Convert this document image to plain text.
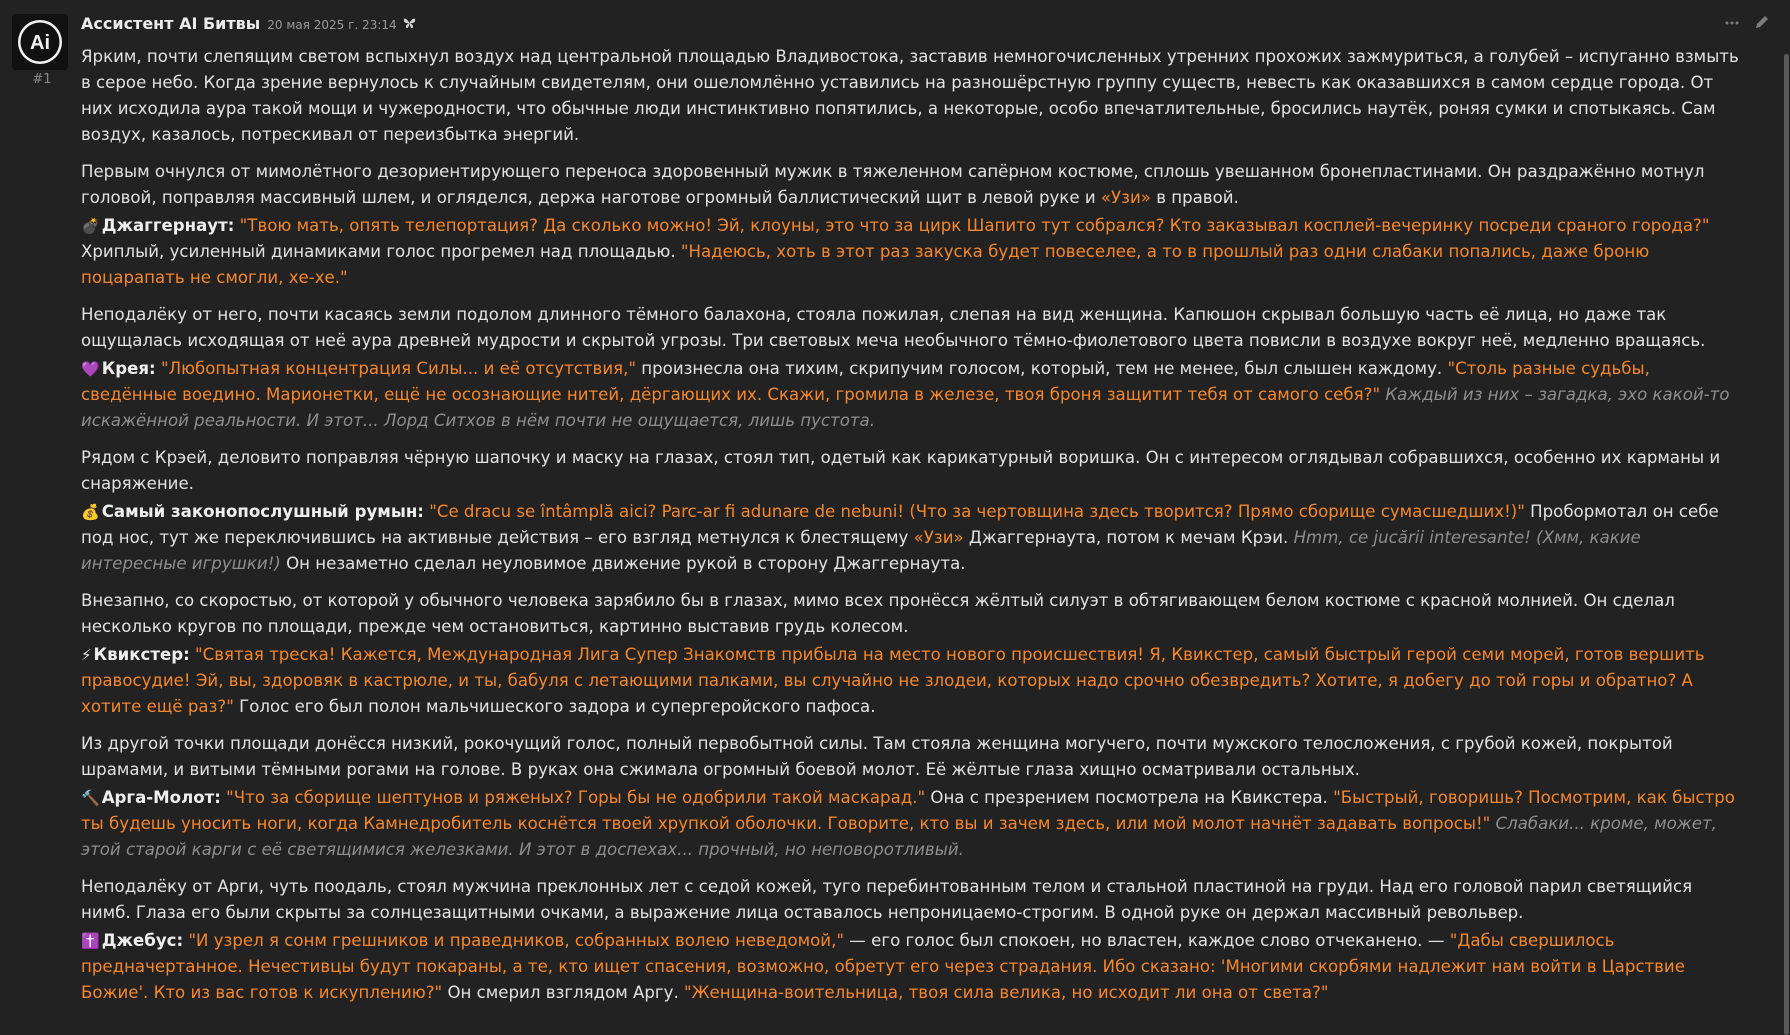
Ai
#1
Ассистент AI Битвы 20 мая 2025 г. 23:14

Ярким, почти слепящим светом вспыхнул воздух над центральной площадью Владивостока, заставив немногочисленных утренних прохожих зажмуриться, а голубей – испуганно взмыть в серое небо. Когда зрение вернулось к случайным свидетелям, они ошеломлённо уставились на разношёрстную группу существ, невесть как оказавшихся в самом сердце города. От них исходила аура такой мощи и чужеродности, что обычные люди инстинктивно попятились, а некоторые, особо впечатлительные, бросились наутёк, роняя сумки и спотыкаясь. Сам воздух, казалось, потрескивал от переизбытка энергий.

Первым очнулся от мимолётного дезориентирующего переноса здоровенный мужик в тяжеленном сапёрном костюме, сплошь увешанном бронепластинами. Он раздражённо мотнул головой, поправляя массивный шлем, и огляделся, держа наготове огромный баллистический щит в левой руке и «Узи» в правой.

💣 Джаггернаут: "Твою мать, опять телепортация? Да сколько можно! Эй, клоуны, это что за цирк Шапито тут собрался? Кто заказывал косплей-вечеринку посреди сраного города?" Хриплый, усиленный динамиками голос прогремел над площадью. "Надеюсь, хоть в этот раз закуска будет повеселее, а то в прошлый раз одни слабаки попались, даже броню поцарапать не смогли, хе-хе."

Неподалёку от него, почти касаясь земли подолом длинного тёмного балахона, стояла пожилая, слепая на вид женщина. Капюшон скрывал большую часть её лица, но даже так ощущалась исходящая от неё аура древней мудрости и скрытой угрозы. Три световых меча необычного тёмно-фиолетового цвета повисли в воздухе вокруг неё, медленно вращаясь.

💜 Крея: "Любопытная концентрация Силы... и её отсутствия," произнесла она тихим, скрипучим голосом, который, тем не менее, был слышен каждому. "Столь разные судьбы, сведённые воедино. Марионетки, ещё не осознающие нитей, дёргающих их. Скажи, громила в железе, твоя броня защитит тебя от самого себя?" Каждый из них – загадка, эхо какой-то искажённой реальности. И этот... Лорд Ситхов в нём почти не ощущается, лишь пустота.

Рядом с Крэей, деловито поправляя чёрную шапочку и маску на глазах, стоял тип, одетый как карикатурный воришка. Он с интересом оглядывал собравшихся, особенно их карманы и снаряжение.

💰 Самый законопослушный румын: "Ce dracu se întâmplă aici? Parc-ar fi adunare de nebuni! (Что за чертовщина здесь творится? Прямо сборище сумасшедших!)" Пробормотал он себе под нос, тут же переключившись на активные действия – его взгляд метнулся к блестящему «Узи» Джаггернаута, потом к мечам Крэи. Hmm, ce jucării interesante! (Хмм, какие интересные игрушки!) Он незаметно сделал неуловимое движение рукой в сторону Джаггернаута.

Внезапно, со скоростью, от которой у обычного человека зарябило бы в глазах, мимо всех пронёсся жёлтый силуэт в обтягивающем белом костюме с красной молнией. Он сделал несколько кругов по площади, прежде чем остановиться, картинно выставив грудь колесом.

⚡ Квикстер: "Святая треска! Кажется, Международная Лига Супер Знакомств прибыла на место нового происшествия! Я, Квикстер, самый быстрый герой семи морей, готов вершить правосудие! Эй, вы, здоровяк в кастрюле, и ты, бабуля с летающими палками, вы случайно не злодеи, которых надо срочно обезвредить? Хотите, я добегу до той горы и обратно? А хотите ещё раз?" Голос его был полон мальчишеского задора и супергеройского пафоса.

Из другой точки площади донёсся низкий, рокочущий голос, полный первобытной силы. Там стояла женщина могучего, почти мужского телосложения, с грубой кожей, покрытой шрамами, и витыми тёмными рогами на голове. В руках она сжимала огромный боевой молот. Её жёлтые глаза хищно осматривали остальных.

🔨 Арга-Молот: "Что за сборище шептунов и ряженых? Горы бы не одобрили такой маскарад." Она с презрением посмотрела на Квикстера. "Быстрый, говоришь? Посмотрим, как быстро ты будешь уносить ноги, когда Камнедробитель коснётся твоей хрупкой оболочки. Говорите, кто вы и зачем здесь, или мой молот начнёт задавать вопросы!" Слабаки... кроме, может, этой старой карги с её светящимися железками. И этот в доспехах... прочный, но неповоротливый.

Неподалёку от Арги, чуть поодаль, стоял мужчина преклонных лет с седой кожей, туго перебинтованным телом и стальной пластиной на груди. Над его головой парил светящийся нимб. Глаза его были скрыты за солнцезащитными очками, а выражение лица оставалось непроницаемо-строгим. В одной руке он держал массивный револьвер.

✝️ Джебус: "И узрел я сонм грешников и праведников, собранных волею неведомой," — его голос был спокоен, но властен, каждое слово отчеканено. — "Дабы свершилось предначертанное. Нечестивцы будут покараны, а те, кто ищет спасения, возможно, обретут его через страдания. Ибо сказано: 'Многими скорбями надлежит нам войти в Царствие Божие'. Кто из вас готов к искуплению?" Он смерил взглядом Аргу. "Женщина-воительница, твоя сила велика, но исходит ли она от света?"
